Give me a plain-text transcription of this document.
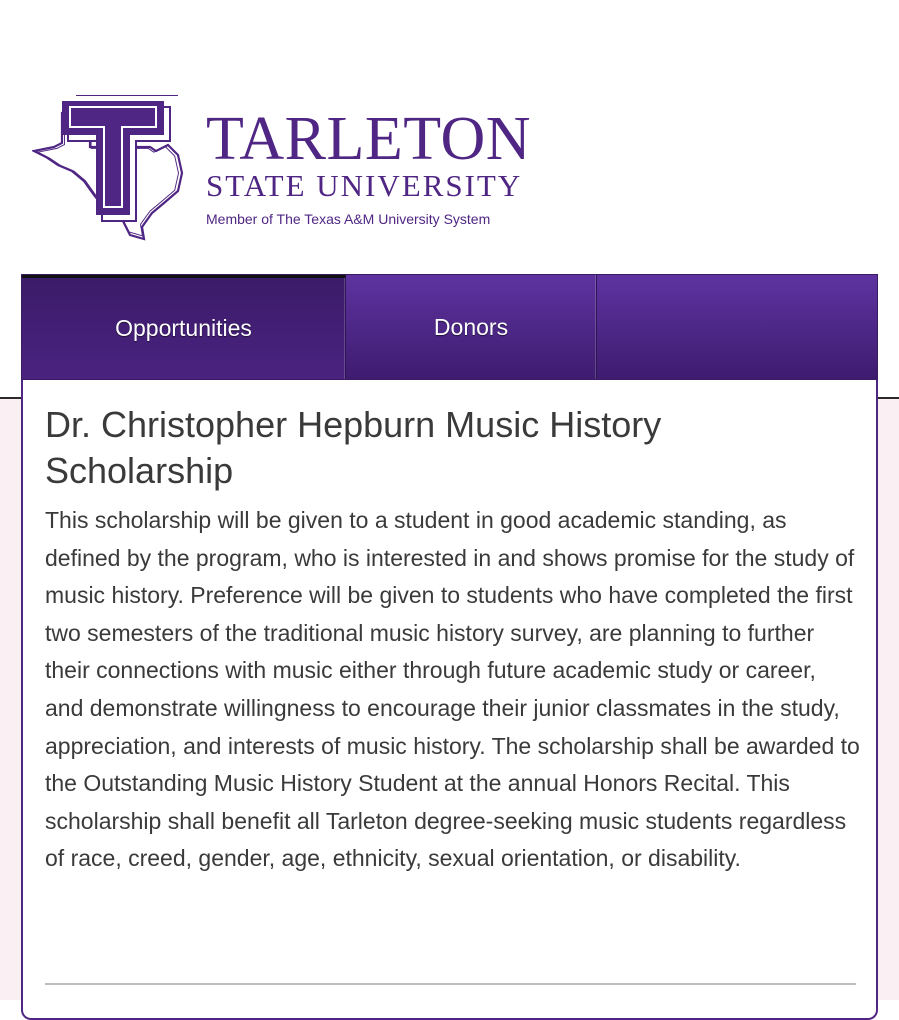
TARLETON
STATE UNIVERSITY
Member of The Texas A&M University System
Opportunities	Donors
Dr. Christopher Hepburn Music History Scholarship

This scholarship will be given to a student in good academic standing, as defined by the program, who is interested in and shows promise for the study of music history. Preference will be given to students who have completed the first two semesters of the traditional music history survey, are planning to further their connections with music either through future academic study or career, and demonstrate willingness to encourage their junior classmates in the study, appreciation, and interests of music history. The scholarship shall be awarded to the Outstanding Music History Student at the annual Honors Recital. This scholarship shall benefit all Tarleton degree-seeking music students regardless of race, creed, gender, age, ethnicity, sexual orientation, or disability.
